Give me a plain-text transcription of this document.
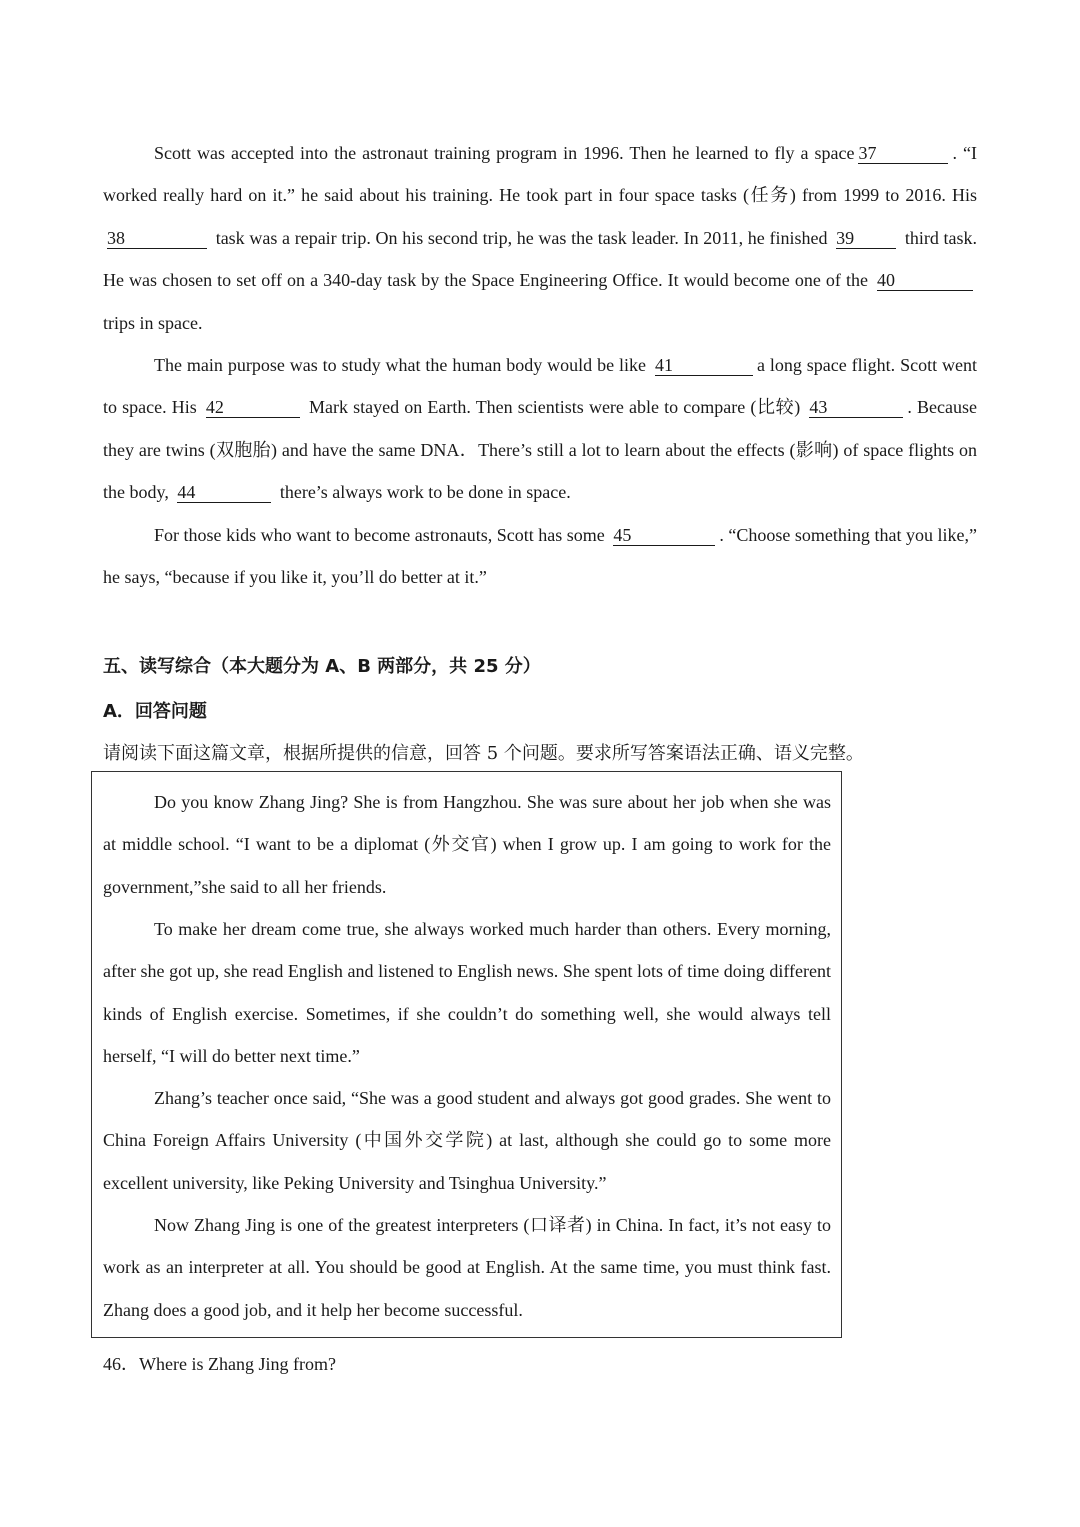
Scott was accepted into the astronaut training program in 1996. Then he learned to fly a space 37	. “I worked really hard on it.” he said about his training. He took part in four space tasks (任务) from 1999 to 2016. His 38	task was a repair trip. On his second trip, he was the task leader. In 2011, he finished 39	third task. He was chosen to set off on a 340-day task by the Space Engineering Office. It would become one of the 40 trips in space.

The main purpose was to study what the human body would be like 41	a long space flight. Scott went to space. His 42	Mark stayed on Earth. Then scientists were able to compare (比较) 43	. Because they are twins (双胞胎) and have the same DNA．There’s still a lot to learn about the effects (影响) of space flights on the body, 44	there’s always work to be done in space.

For those kids who want to become astronauts, Scott has some 45	. “Choose something that you like,” he says, “because if you like it, you’ll do better at it.”

五、读写综合（本大题分为 A、B 两部分，共 25 分）
A．回答问题
请阅读下面这篇文章，根据所提供的信意，回答 5 个问题。要求所写答案语法正确、语义完整。

Do you know Zhang Jing? She is from Hangzhou. She was sure about her job when she was at middle school. “I want to be a diplomat (外交官) when I grow up. I am going to work for the government,”she said to all her friends.

To make her dream come true, she always worked much harder than others. Every morning, after she got up, she read English and listened to English news. She spent lots of time doing different kinds of English exercise. Sometimes, if she couldn’t do something well, she would always tell herself, “I will do better next time.”

Zhang’s teacher once said, “She was a good student and always got good grades. She went to China Foreign Affairs University (中国外交学院) at last, although she could go to some more excellent university, like Peking University and Tsinghua University.”

Now Zhang Jing is one of the greatest interpreters (口译者) in China. In fact, it’s not easy to work as an interpreter at all. You should be good at English. At the same time, you must think fast. Zhang does a good job, and it help her become successful.

46．Where is Zhang Jing from?
